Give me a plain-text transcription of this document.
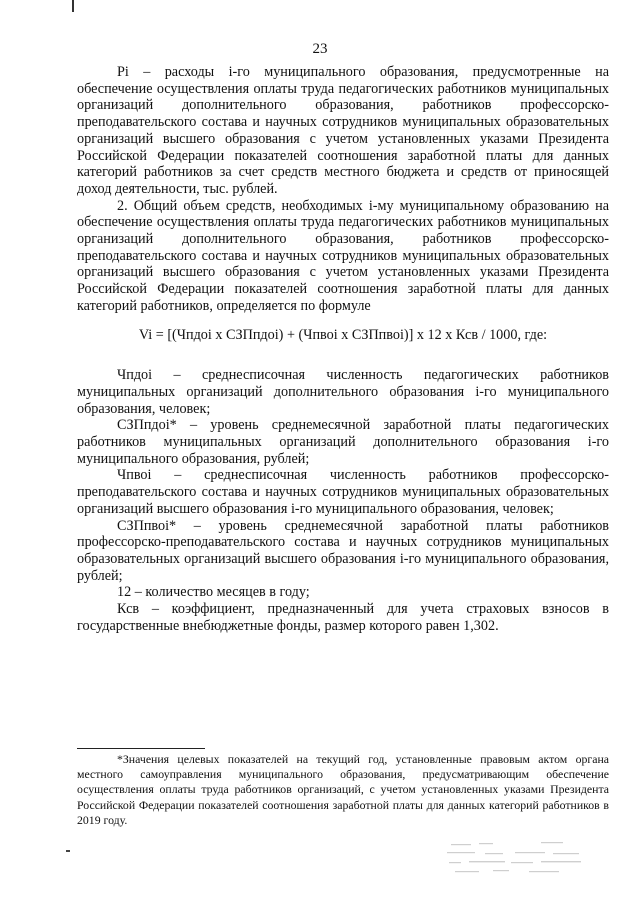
23

Pi – расходы i-го муниципального образования, предусмотренные на обеспечение осуществления оплаты труда педагогических работников муниципальных организаций дополнительного образования, работников профессорско-преподавательского состава и научных сотрудников муниципальных образовательных организаций высшего образования с учетом установленных указами Президента Российской Федерации показателей соотношения заработной платы для данных категорий работников за счет средств местного бюджета и средств от приносящей доход деятельности, тыс. рублей.

2. Общий объем средств, необходимых i-му муниципальному образованию на обеспечение осуществления оплаты труда педагогических работников муниципальных организаций дополнительного образования, работников профессорско-преподавательского состава и научных сотрудников муниципальных образовательных организаций высшего образования с учетом установленных указами Президента Российской Федерации показателей соотношения заработной платы для данных категорий работников, определяется по формуле

Vi = [(Чпдоi х СЗПпдоi) + (Чпвоi х СЗПпвоi)] х 12 х Ксв / 1000, где:

Чпдоi – среднесписочная численность педагогических работников муниципальных организаций дополнительного образования i-го муниципального образования, человек;

СЗПпдоi* – уровень среднемесячной заработной платы педагогических работников муниципальных организаций дополнительного образования i-го муниципального образования, рублей;

Чпвоi – среднесписочная численность работников профессорско-преподавательского состава и научных сотрудников муниципальных образовательных организаций высшего образования i-го муниципального образования, человек;

СЗПпвоi* – уровень среднемесячной заработной платы работников профессорско-преподавательского состава и научных сотрудников муниципальных образовательных организаций высшего образования i-го муниципального образования, рублей;

12 – количество месяцев в году;

Ксв – коэффициент, предназначенный для учета страховых взносов в государственные внебюджетные фонды, размер которого равен 1,302.

*Значения целевых показателей на текущий год, установленные правовым актом органа местного самоуправления муниципального образования, предусматривающим обеспечение осуществления оплаты труда работников организаций, с учетом установленных указами Президента Российской Федерации показателей соотношения заработной платы для данных категорий работников в 2019 году.
